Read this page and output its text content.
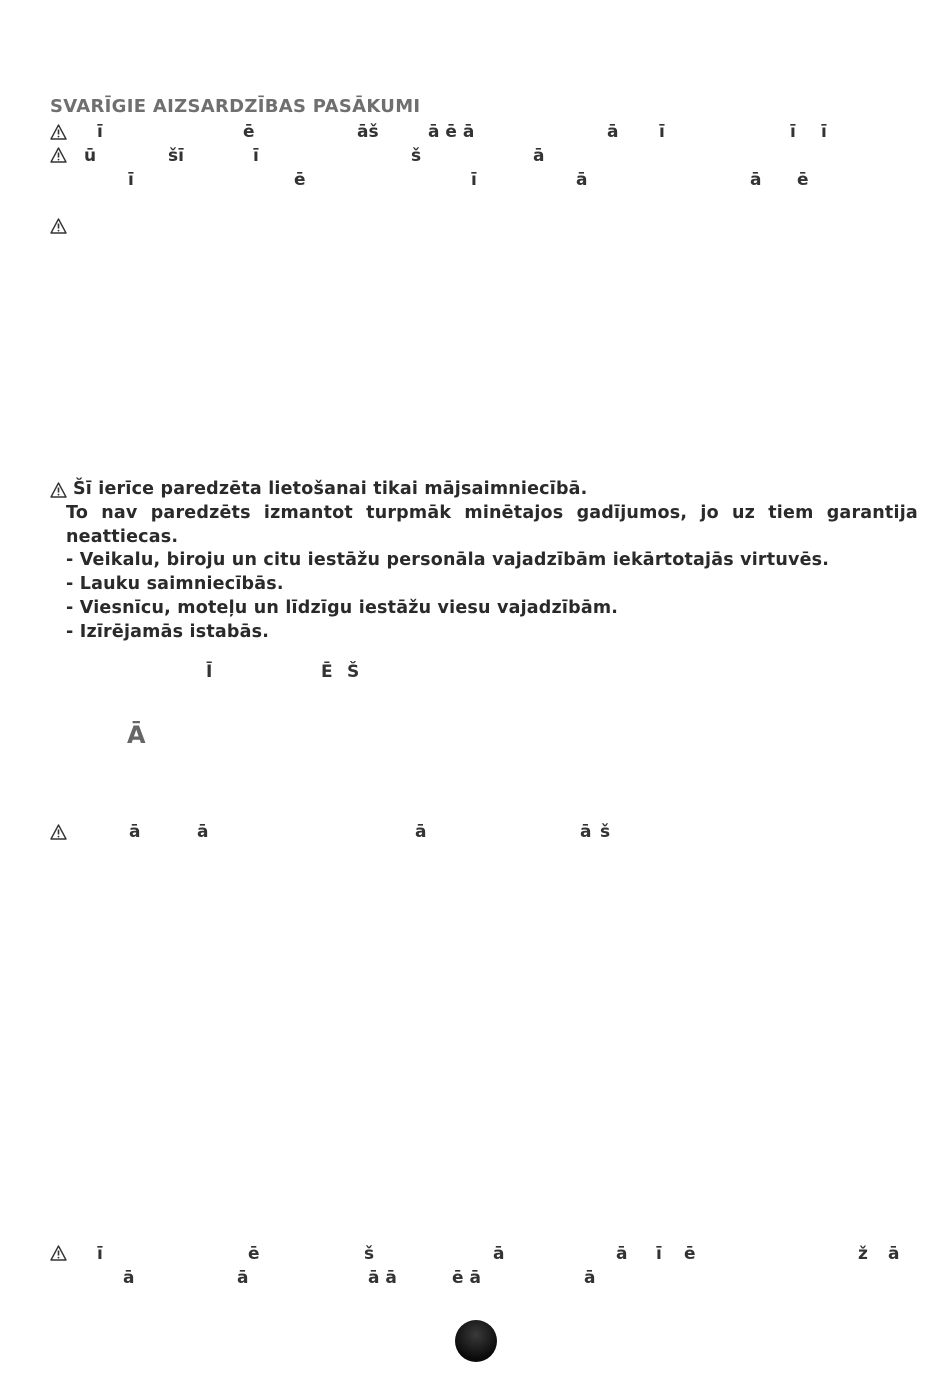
SVARĪGIE AIZSARDZĪBAS PASĀKUMI
ī	ē	āš	ā ē ā	ā ī	ī ī
ū	šī	ī	š	ā
ī	ē	ī	ā	ā ē
Šī ierīce paredzēta lietošanai tikai mājsaimniecībā.
To nav paredzēts izmantot turpmāk minētajos gadījumos, jo uz tiem garantija
neattiecas.
- Veikalu, biroju un citu iestāžu personāla vajadzībām iekārtotajās virtuvēs.
- Lauku saimniecībās.
- Viesnīcu, moteļu un līdzīgu iestāžu viesu vajadzībām.
- Izīrējamās istabās.
Ī	Ē Š
Ā
ā	ā	ā	ā š
ī	ē	š	ā	ā ī ē	ž ā
ā	ā	ā ā	ē ā	ā
